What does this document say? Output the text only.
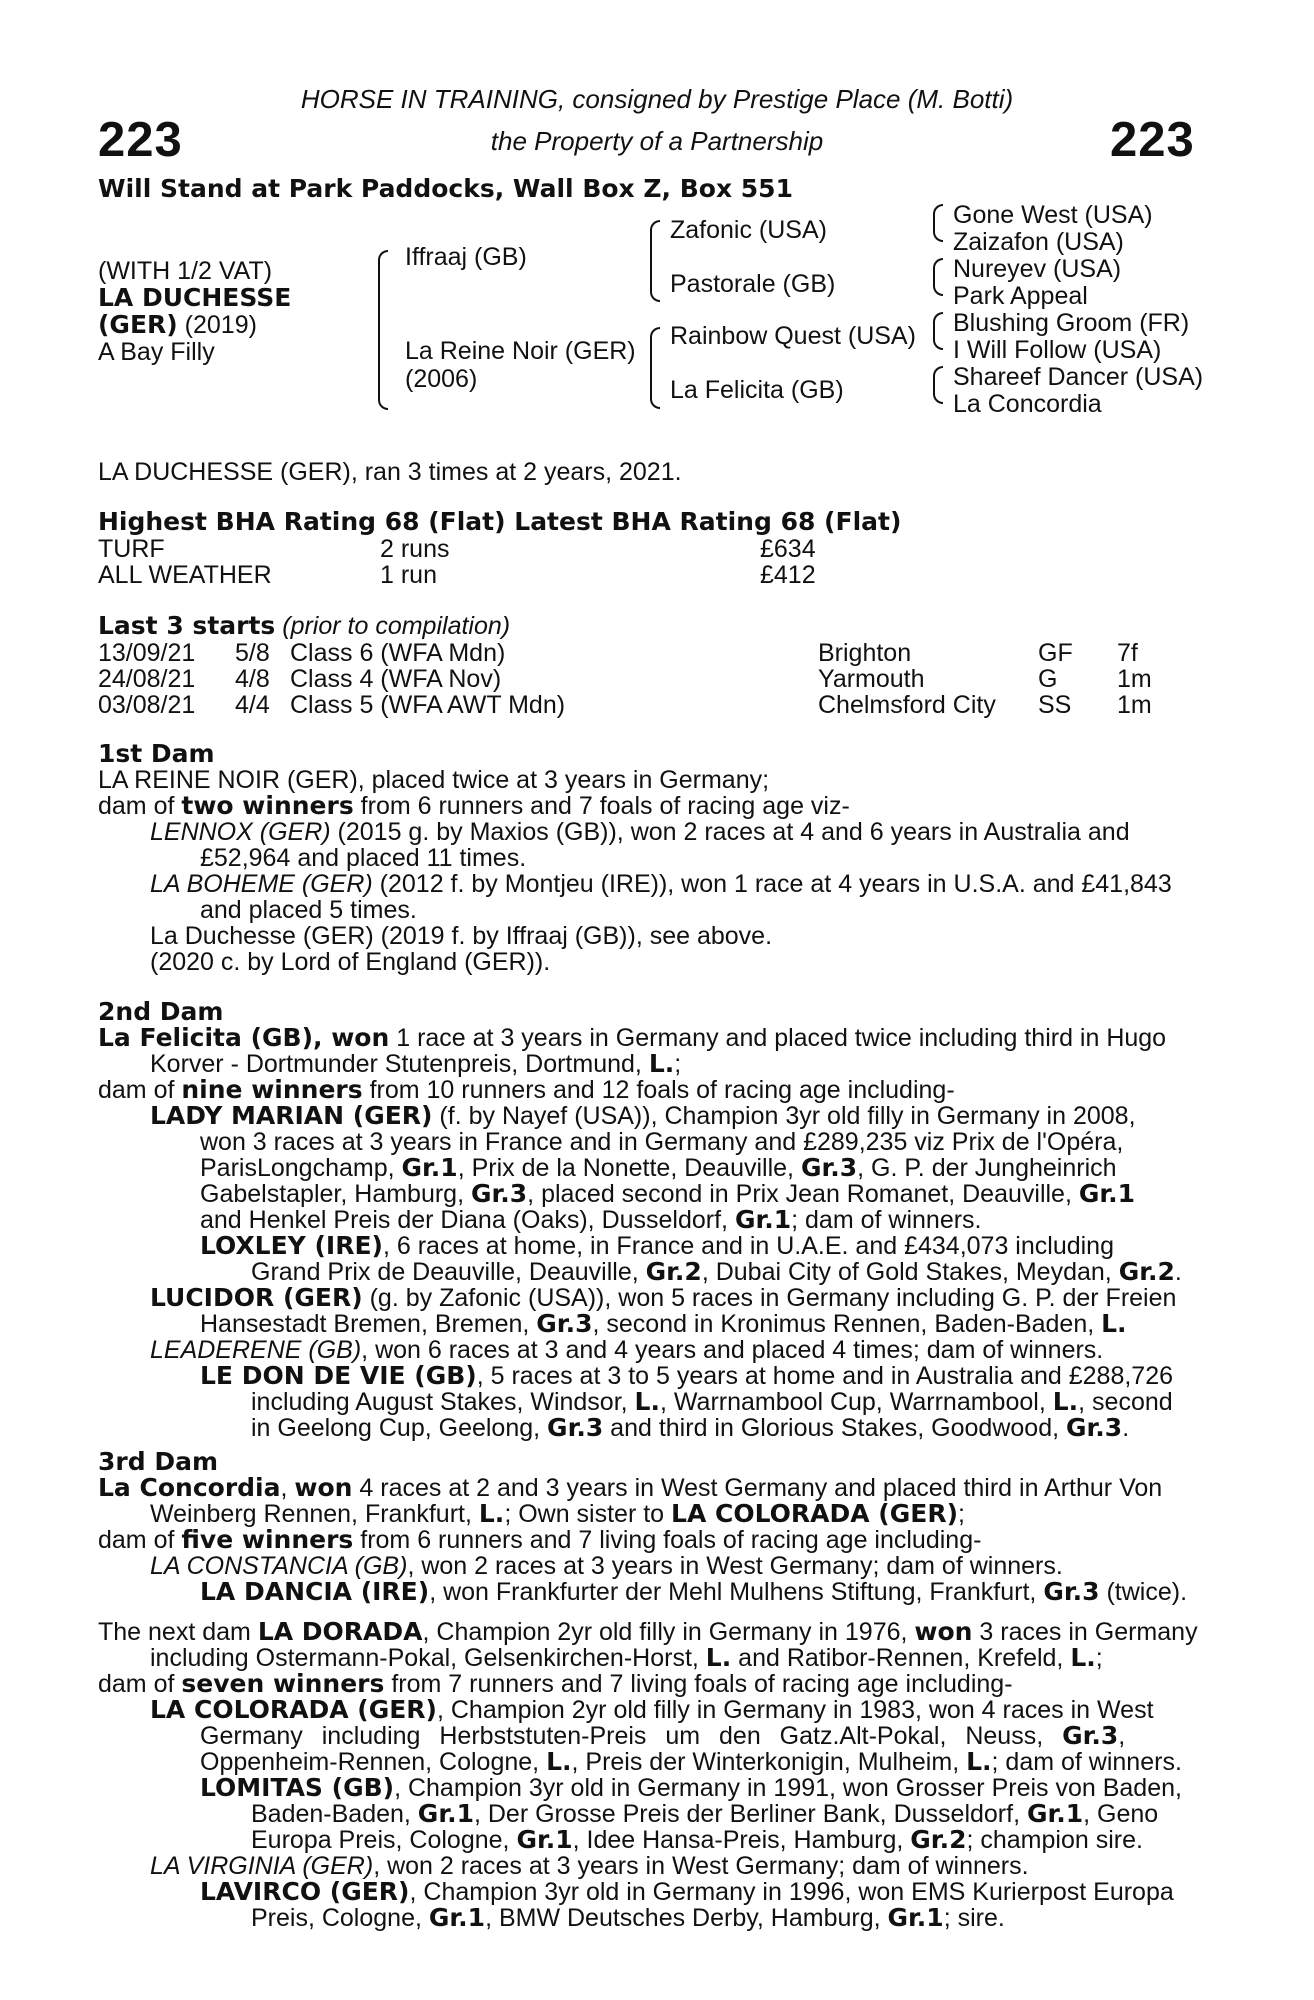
223	223
HORSE IN TRAINING, consigned by Prestige Place (M. Botti)
the Property of a Partnership
Will Stand at Park Paddocks, Wall Box Z, Box 551
(WITH 1/2 VAT)
LA DUCHESSE
(GER) (2019)
A Bay Filly
Iffraaj (GB)
La Reine Noir (GER)
(2006)
Zafonic (USA)
Pastorale (GB)
Rainbow Quest (USA)
La Felicita (GB)
Gone West (USA)
Zaizafon (USA)
Nureyev (USA)
Park Appeal
Blushing Groom (FR)
I Will Follow (USA)
Shareef Dancer (USA)
La Concordia
LA DUCHESSE (GER), ran 3 times at 2 years, 2021.
Highest BHA Rating 68 (Flat) Latest BHA Rating 68 (Flat)
TURF	2 runs	£634
ALL WEATHER	1 run	£412
Last 3 starts (prior to compilation)
13/09/21 5/8 Class 6 (WFA Mdn)	Brighton	GF 7f
24/08/21 4/8 Class 4 (WFA Nov)	Yarmouth	G 1m
03/08/21 4/4 Class 5 (WFA AWT Mdn)	Chelmsford City SS 1m
1st Dam
LA REINE NOIR (GER), placed twice at 3 years in Germany;
dam of two winners from 6 runners and 7 foals of racing age viz-
LENNOX (GER) (2015 g. by Maxios (GB)), won 2 races at 4 and 6 years in Australia and
£52,964 and placed 11 times.
LA BOHEME (GER) (2012 f. by Montjeu (IRE)), won 1 race at 4 years in U.S.A. and £41,843
and placed 5 times.
La Duchesse (GER) (2019 f. by Iffraaj (GB)), see above.
(2020 c. by Lord of England (GER)).
2nd Dam
La Felicita (GB), won 1 race at 3 years in Germany and placed twice including third in Hugo
Korver - Dortmunder Stutenpreis, Dortmund, L.;
dam of nine winners from 10 runners and 12 foals of racing age including-
LADY MARIAN (GER) (f. by Nayef (USA)), Champion 3yr old filly in Germany in 2008,
won 3 races at 3 years in France and in Germany and £289,235 viz Prix de l'Opéra,
ParisLongchamp, Gr.1, Prix de la Nonette, Deauville, Gr.3, G. P. der Jungheinrich
Gabelstapler, Hamburg, Gr.3, placed second in Prix Jean Romanet, Deauville, Gr.1
and Henkel Preis der Diana (Oaks), Dusseldorf, Gr.1; dam of winners.
LOXLEY (IRE), 6 races at home, in France and in U.A.E. and £434,073 including
Grand Prix de Deauville, Deauville, Gr.2, Dubai City of Gold Stakes, Meydan, Gr.2.
LUCIDOR (GER) (g. by Zafonic (USA)), won 5 races in Germany including G. P. der Freien
Hansestadt Bremen, Bremen, Gr.3, second in Kronimus Rennen, Baden-Baden, L.
LEADERENE (GB), won 6 races at 3 and 4 years and placed 4 times; dam of winners.
LE DON DE VIE (GB), 5 races at 3 to 5 years at home and in Australia and £288,726
including August Stakes, Windsor, L., Warrnambool Cup, Warrnambool, L., second
in Geelong Cup, Geelong, Gr.3 and third in Glorious Stakes, Goodwood, Gr.3.
3rd Dam
La Concordia, won 4 races at 2 and 3 years in West Germany and placed third in Arthur Von
Weinberg Rennen, Frankfurt, L.; Own sister to LA COLORADA (GER);
dam of five winners from 6 runners and 7 living foals of racing age including-
LA CONSTANCIA (GB), won 2 races at 3 years in West Germany; dam of winners.
LA DANCIA (IRE), won Frankfurter der Mehl Mulhens Stiftung, Frankfurt, Gr.3 (twice).
The next dam LA DORADA, Champion 2yr old filly in Germany in 1976, won 3 races in Germany
including Ostermann-Pokal, Gelsenkirchen-Horst, L. and Ratibor-Rennen, Krefeld, L.;
dam of seven winners from 7 runners and 7 living foals of racing age including-
LA COLORADA (GER), Champion 2yr old filly in Germany in 1983, won 4 races in West
Germany including Herbststuten-Preis um den Gatz.Alt-Pokal, Neuss, Gr.3,
Oppenheim-Rennen, Cologne, L., Preis der Winterkonigin, Mulheim, L.; dam of winners.
LOMITAS (GB), Champion 3yr old in Germany in 1991, won Grosser Preis von Baden,
Baden-Baden, Gr.1, Der Grosse Preis der Berliner Bank, Dusseldorf, Gr.1, Geno
Europa Preis, Cologne, Gr.1, Idee Hansa-Preis, Hamburg, Gr.2; champion sire.
LA VIRGINIA (GER), won 2 races at 3 years in West Germany; dam of winners.
LAVIRCO (GER), Champion 3yr old in Germany in 1996, won EMS Kurierpost Europa
Preis, Cologne, Gr.1, BMW Deutsches Derby, Hamburg, Gr.1; sire.
